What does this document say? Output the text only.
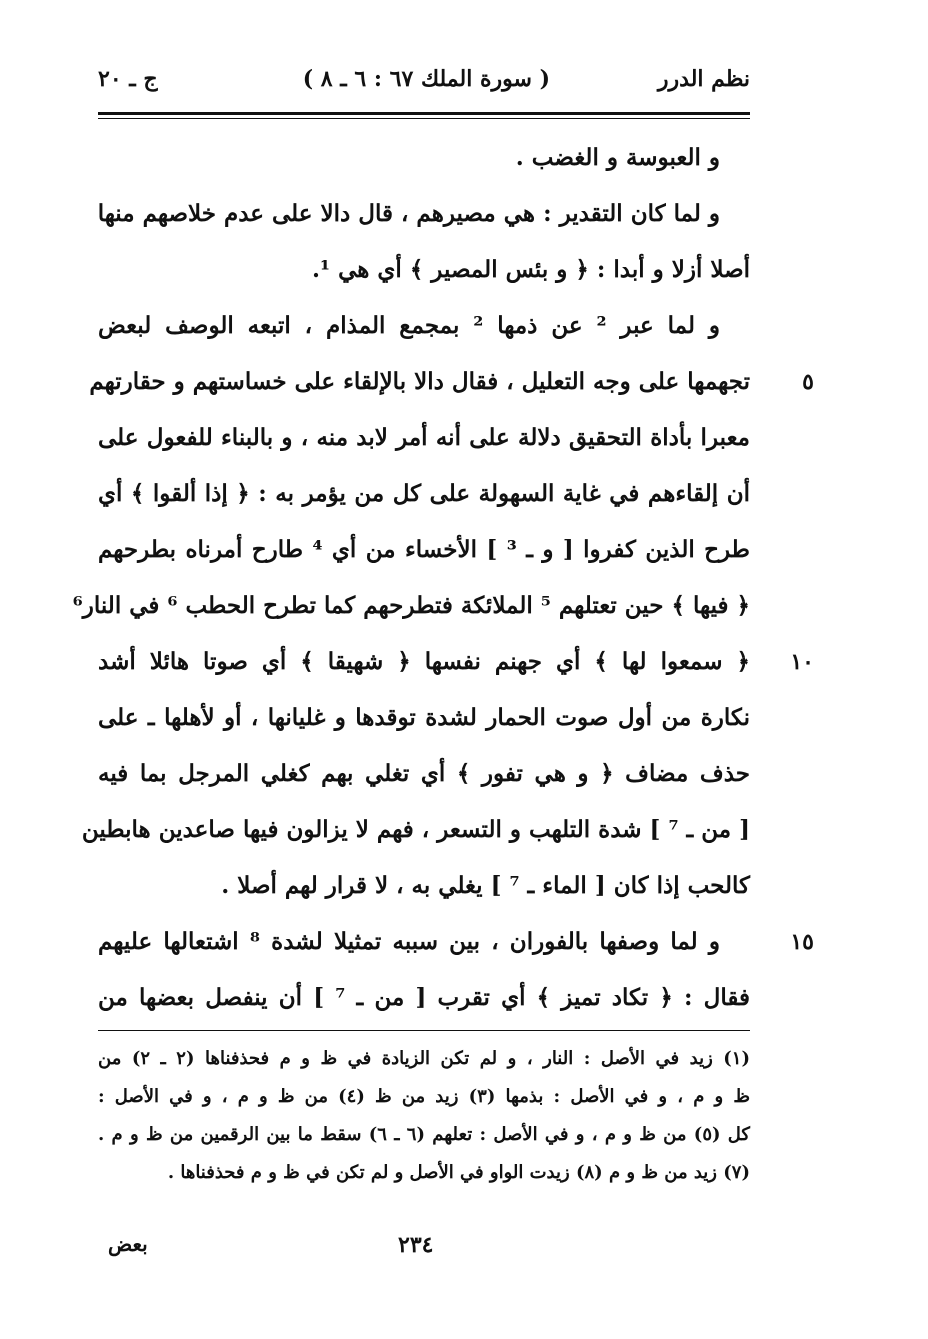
نظم الدرر
( سورة الملك ٦٧ : ٦ ـ ٨ )
ج ـ ٢٠
و العبوسة و الغضب .
و لما كان التقدير : هي مصيرهم ، قال دالا على عدم خلاصهم منها
أصلا أزلا و أبدا : ﴿ و بئس المصير ﴾ أي هي ¹.
و لما عبر ² عن ذمها ² بمجمع المذام ، اتبعه الوصف لبعض
تجهمها على وجه التعليل ، فقال دالا بالإلقاء على خساستهم و حقارتهم	٥
معبرا بأداة التحقيق دلالة على أنه أمر لابد منه ، و بالبناء للفعول على
أن إلقاءهم في غاية السهولة على كل من يؤمر به : ﴿ إذا ألقوا ﴾ أي
طرح الذين كفروا [ و ـ ³ ] الأخساء من أي ⁴ طارح أمرناه بطرحهم
﴿ فيها ﴾ حين تعتلهم ⁵ الملائكة فتطرحهم كما تطرح الحطب ⁶ في النار⁶
﴿ سمعوا لها ﴾ أي جهنم نفسها ﴿ شهيقا ﴾ أي صوتا هائلا أشد	١٠
نكارة من أول صوت الحمار لشدة توقدها و غليانها ، أو لأهلها ـ على
حذف مضاف ﴿ و هي تفور ﴾ أي تغلي بهم كغلي المرجل بما فيه
[ من ـ ⁷ ] شدة التلهب و التسعر ، فهم لا يزالون فيها صاعدين هابطين
كالحب إذا كان [ الماء ـ ⁷ ] يغلي به ، لا قرار لهم أصلا .
و لما وصفها بالفوران ، بين سببه تمثيلا لشدة ⁸ اشتعالها عليهم	١٥
فقال : ﴿ تكاد تميز ﴾ أي تقرب [ من ـ ⁷ ] أن ينفصل بعضها من
(١) زيد في الأصل : النار ، و لم تكن الزيادة في ظ و م فحذفناها (٢ ـ ٢) من
ظ و م ، و في الأصل : بذمها (٣) زيد من ظ (٤) من ظ و م ، و في الأصل :
كل (٥) من ظ و م ، و في الأصل : تعلهم (٦ ـ ٦) سقط ما بين الرقمين من ظ و م .
(٧) زيد من ظ و م (٨) زيدت الواو في الأصل و لم تكن في ظ و م فحذفناها .
٢٣٤
بعض
